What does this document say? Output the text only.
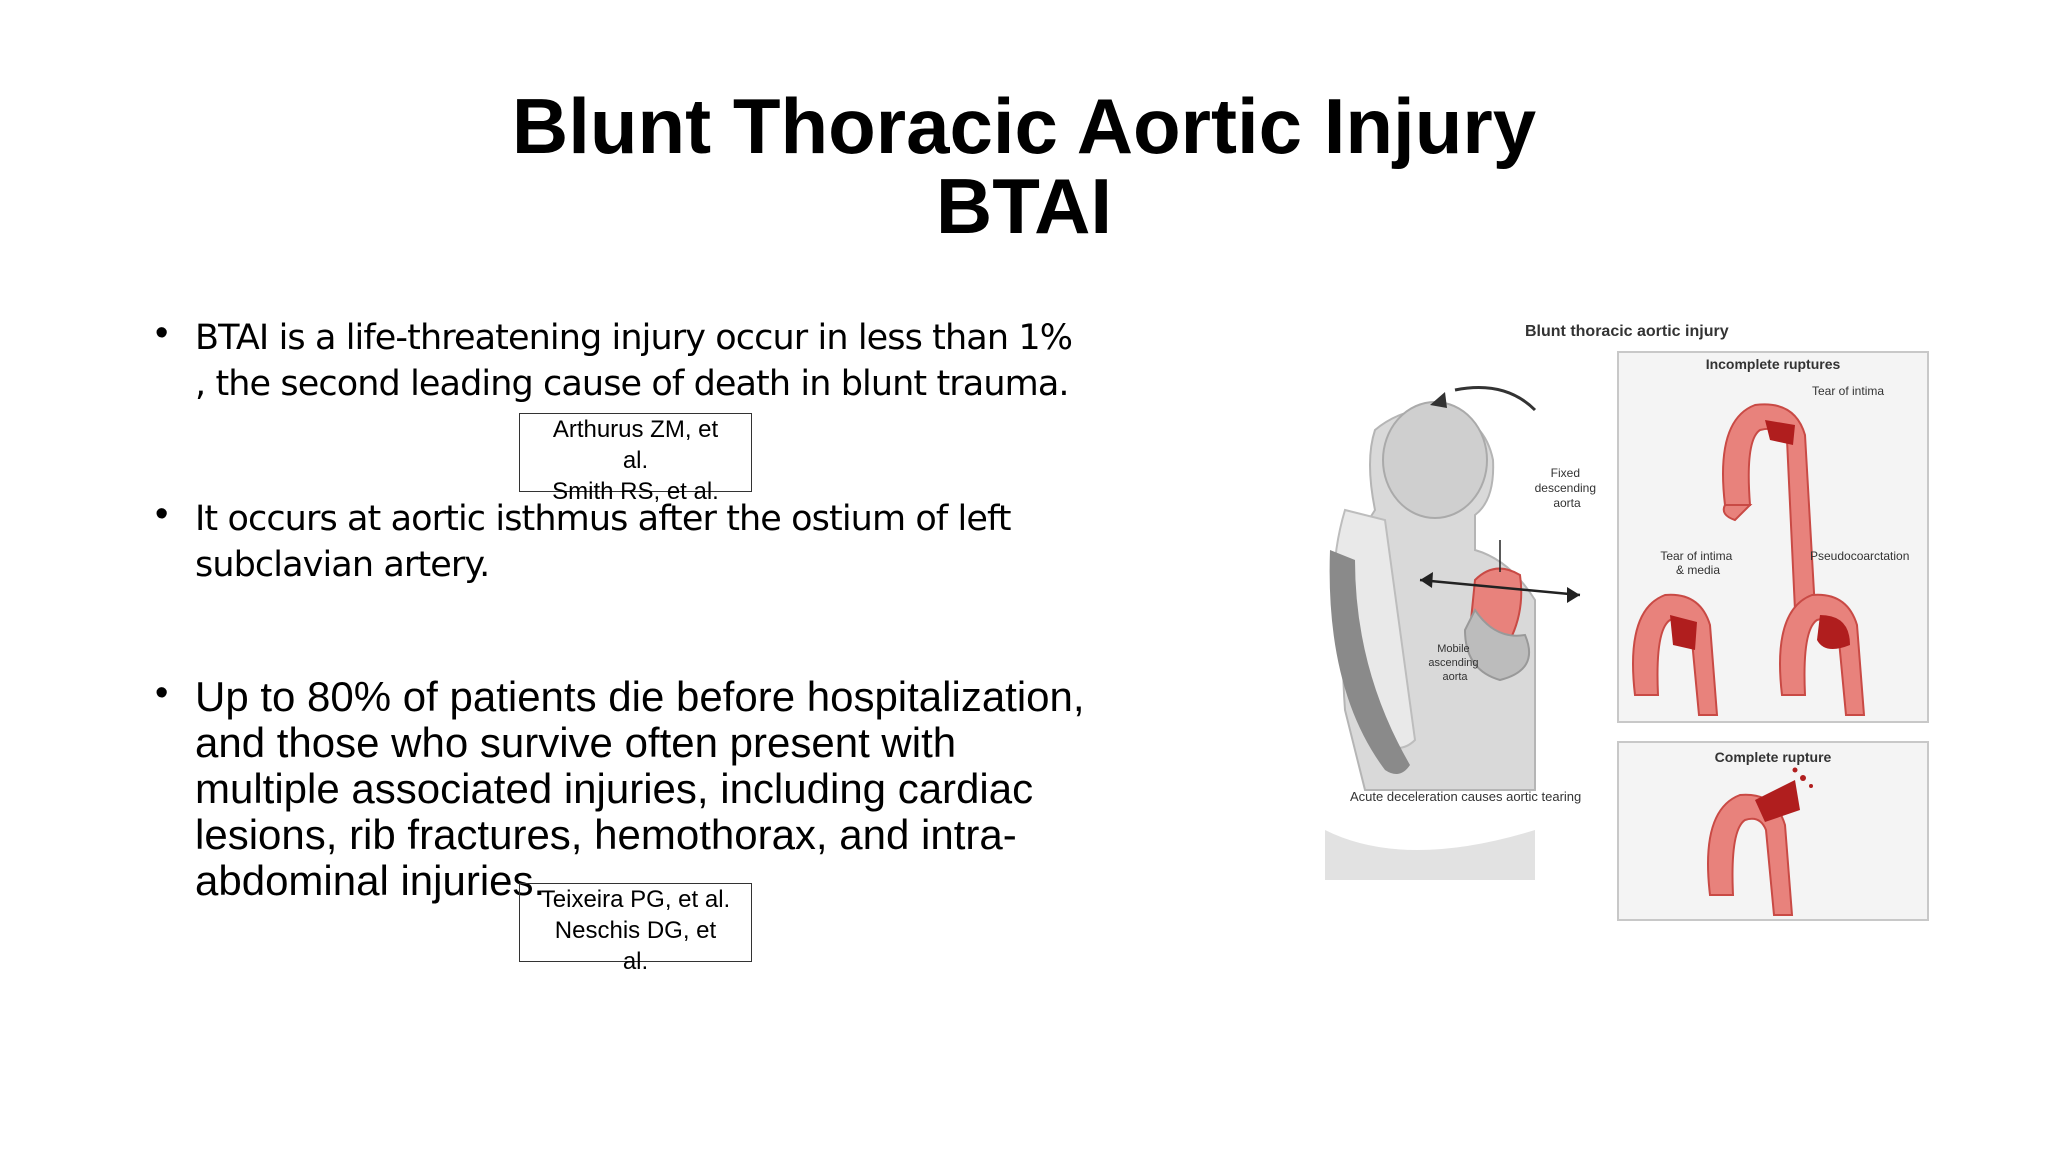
Blunt Thoracic Aortic Injury
BTAI
• BTAI is a life-threatening injury occur in less than 1%
, the second leading cause of death in blunt trauma.
• It occurs at aortic isthmus after the ostium of left
subclavian artery.
• Up to 80% of patients die before hospitalization,
and those who survive often present with
multiple associated injuries, including cardiac
lesions, rib fractures, hemothorax, and intra-
abdominal injuries.
Arthurus ZM, et
al.
Smith RS, et al.
Teixeira PG, et al.
Neschis DG, et
al.
Blunt thoracic aortic injury
Fixed descending aorta
Mobile ascending aorta
Acute deceleration causes aortic tearing
Incomplete ruptures
Tear of intima
Tear of intima & media
Pseudocoarctation
Complete rupture
